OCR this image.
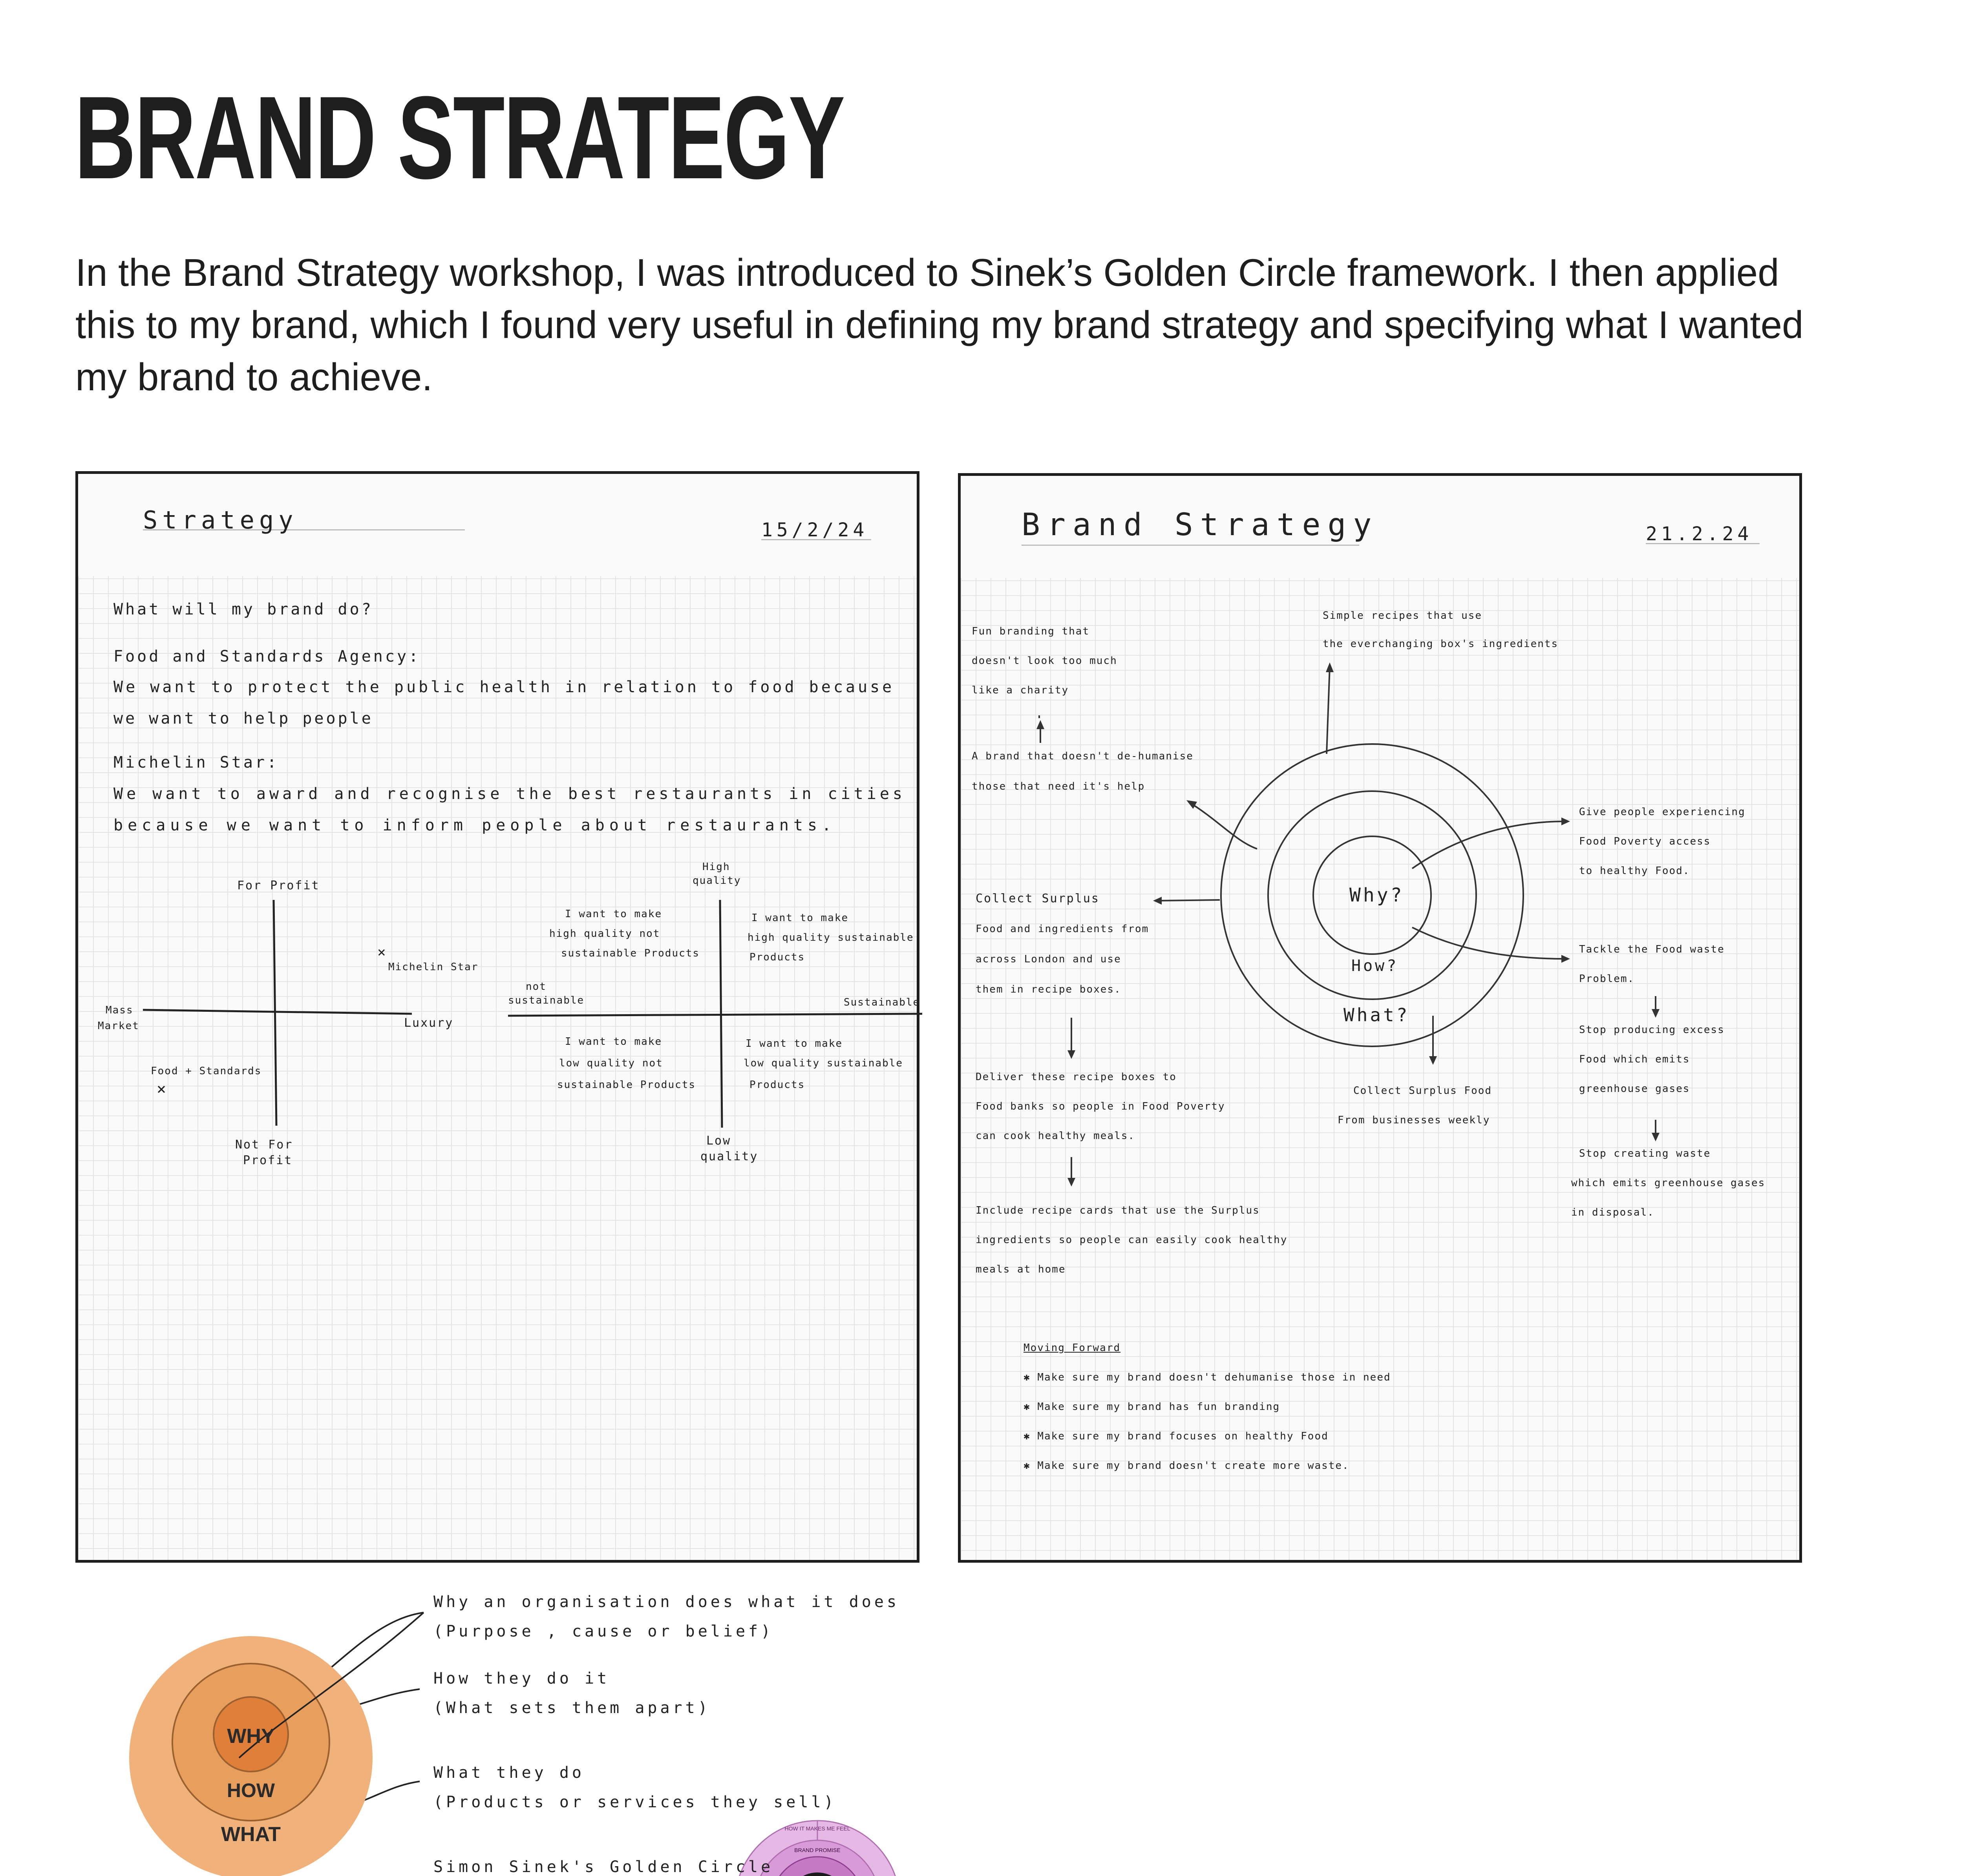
BRAND STRATEGY

In the Brand Strategy workshop, I was introduced to Sinek’s Golden Circle framework. I then applied this to my brand, which I found very useful in defining my brand strategy and specifying what I wanted my brand to achieve.

Strategy	15/2/24
What will my brand do?
Food and Standards Agency:
We want to protect the public health in relation to food because
we want to help people
Michelin Star:
We want to award and recognise the best restaurants in cities
because we want to inform people about restaurants.
×
×
WHY
HOW
WHAT	HOW IT MAKES ME FEEL
BRAND PROMISE
For Profit
Not For
Profit
Mass
Market	Luxury
Michelin Star
Food + Standards
High
quality
Low
quality
not
sustainable	Sustainable
I want to make
high quality not
sustainable Products
I want to make
high quality sustainable
Products
I want to make
low quality not
sustainable Products
I want to make
low quality sustainable
Products
Why an organisation does what it does
(Purpose , cause or belief)
How they do it
(What sets them apart)
What they do
(Products or services they sell)
Simon Sinek's Golden Circle
Brand Strategy	21.2.24
Why?
How?
What?
Fun branding that
doesn't look too much
like a charity
A brand that doesn't de-humanise
those that need it's help
Simple recipes that use
the everchanging box's ingredients
Give people experiencing
Food Poverty access
to healthy Food.
Collect Surplus
Food and ingredients from
across London and use
them in recipe boxes.
Tackle the Food waste
Problem.
Stop producing excess
Food which emits
greenhouse gases
Stop creating waste
which emits greenhouse gases
in disposal.
Deliver these recipe boxes to
Food banks so people in Food Poverty
can cook healthy meals.
Collect Surplus Food
From businesses weekly
Include recipe cards that use the Surplus
ingredients so people can easily cook healthy
meals at home
Moving Forward
✱ Make sure my brand doesn't dehumanise those in need
✱ Make sure my brand has fun branding
✱ Make sure my brand focuses on healthy Food
✱ Make sure my brand doesn't create more waste.
